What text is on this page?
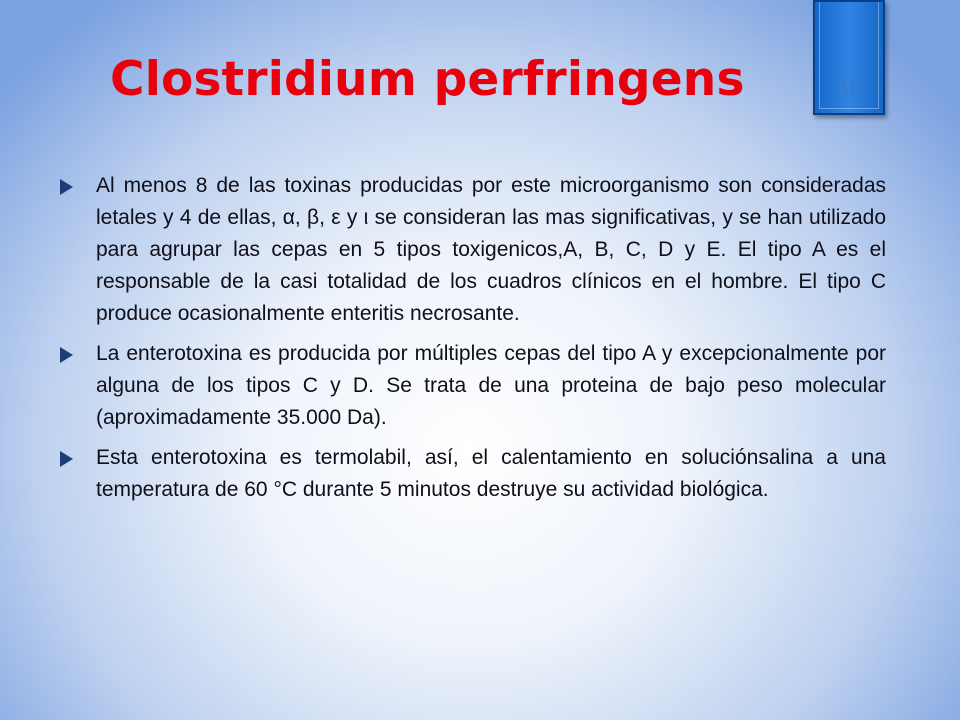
Clostridium perfringens	36
Al menos 8 de las toxinas producidas por este microorganismo son consideradas letales y 4 de ellas, α, β, ε y ι se consideran las mas significativas, y se han utilizado para agrupar las cepas en 5 tipos toxigenicos,A, B, C, D y E. El tipo A es el responsable de la casi totalidad de los cuadros clínicos en el hombre. El tipo C produce ocasionalmente enteritis necrosante.
La enterotoxina es producida por múltiples cepas del tipo A y excepcionalmente por alguna de los tipos C y D. Se trata de una proteina de bajo peso molecular (aproximadamente 35.000 Da).
Esta enterotoxina es termolabil, así, el calentamiento en soluciónsalina a una temperatura de 60 °C durante 5 minutos destruye su actividad biológica.
